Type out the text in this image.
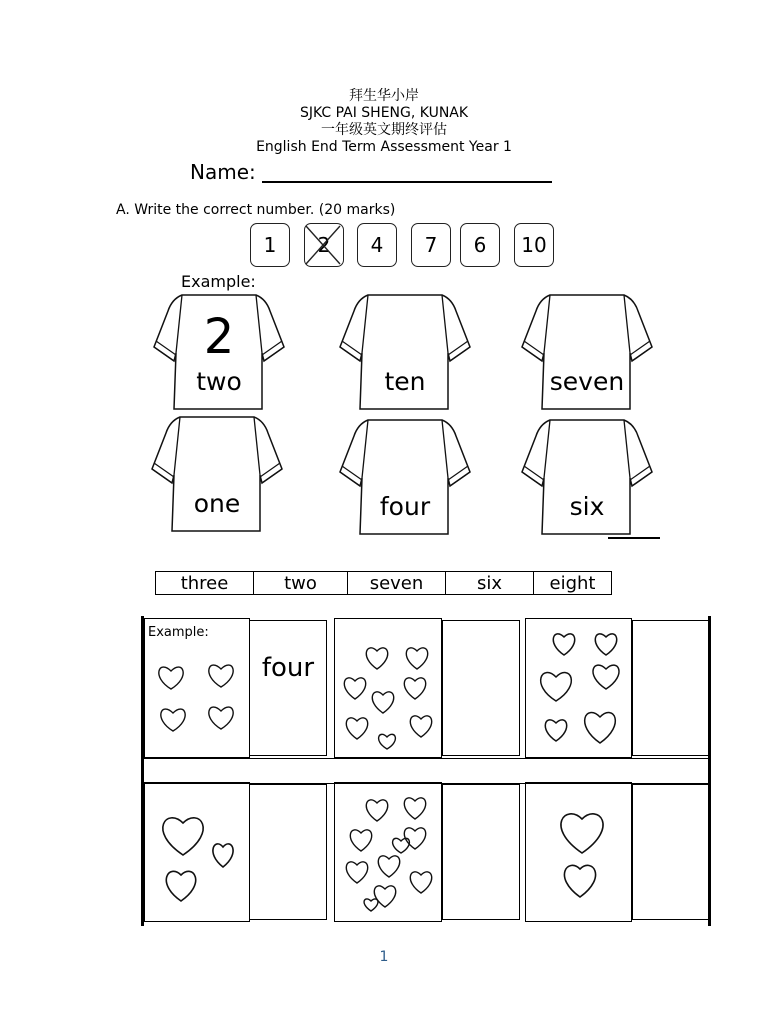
拜生华小岸
SJKC PAI SHENG, KUNAK
一年级英文期终评估
English End Term Assessment Year 1
Name:
A. Write the correct number. (20 marks)
1	2	4	7	6	10
Example:
2
two	ten	seven
one	four	six
three	two	seven	six	eight
Example:
four
1
